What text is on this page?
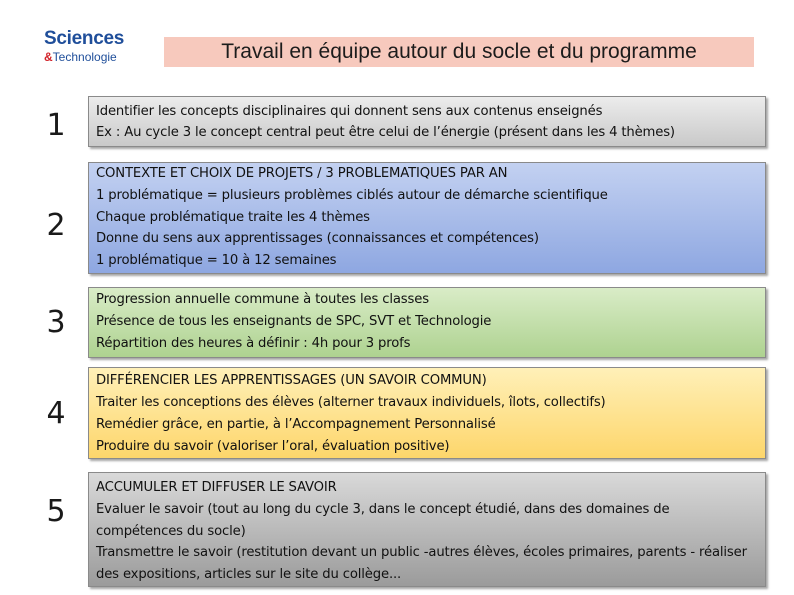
Sciences
&Technologie	Travail en équipe autour du socle et du programme
1	Identifier les concepts disciplinaires qui donnent sens aux contenus enseignés
Ex : Au cycle 3 le concept central peut être celui de l’énergie (présent dans les 4 thèmes)
2
CONTEXTE ET CHOIX DE PROJETS / 3 PROBLEMATIQUES PAR AN
1 problématique = plusieurs problèmes ciblés autour de démarche scientifique
Chaque problématique traite les 4 thèmes
Donne du sens aux apprentissages (connaissances et compétences)
1 problématique = 10 à 12 semaines
3
Progression annuelle commune à toutes les classes
Présence de tous les enseignants de SPC, SVT et Technologie
Répartition des heures à définir : 4h pour 3 profs
4
DIFFÉRENCIER LES APPRENTISSAGES (UN SAVOIR COMMUN)
Traiter les conceptions des élèves (alterner travaux individuels, îlots, collectifs)
Remédier grâce, en partie, à l’Accompagnement Personnalisé
Produire du savoir (valoriser l’oral, évaluation positive)
5
ACCUMULER ET DIFFUSER LE SAVOIR
Evaluer le savoir (tout au long du cycle 3, dans le concept étudié, dans des domaines de compétences du socle)
Transmettre le savoir (restitution devant un public -autres élèves, écoles primaires, parents - réaliser des expositions, articles sur le site du collège...
